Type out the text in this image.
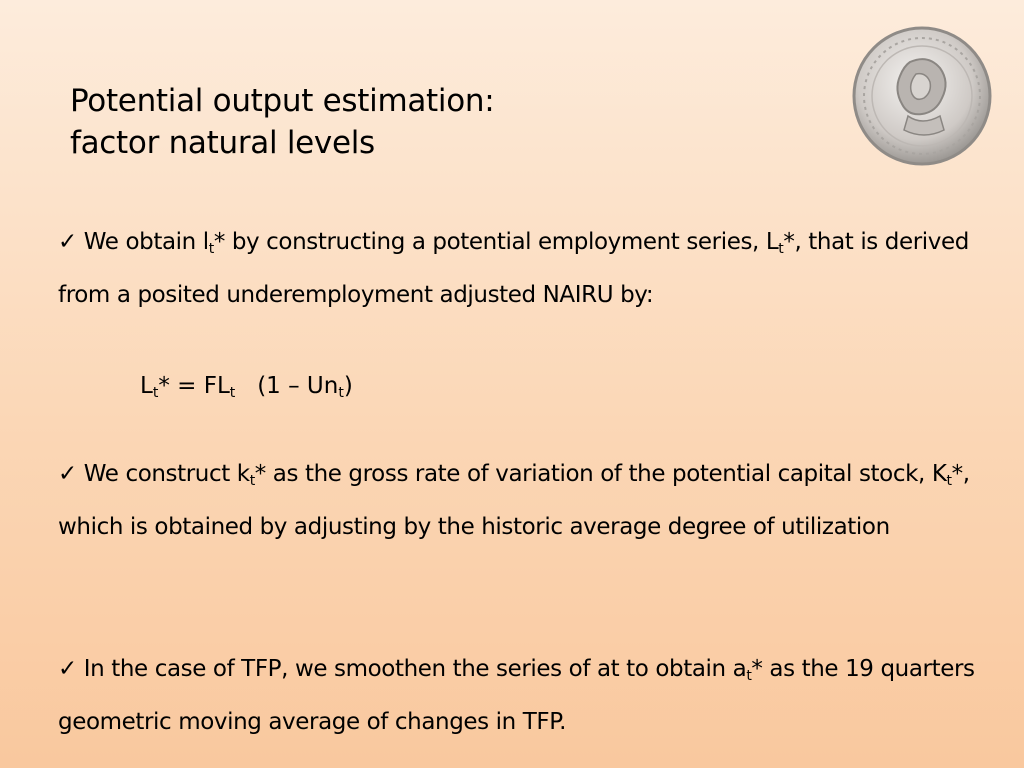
Potential output estimation:
factor natural levels
✓ We obtain $l_t*$ by constructing a potential employment series, $L_t*$, that is derived from a posited underemployment adjusted NAIRU by:
$L_t* = FL_t$   $(1 - Un_t)$
✓ We construct $k_t*$ as the gross rate of variation of the potential capital stock, $K_t*$, which is obtained by adjusting by the historic average degree of utilization
✓ In the case of TFP, we smoothen the series of at to obtain $a_t*$ as the 19 quarters geometric moving average of changes in TFP.
